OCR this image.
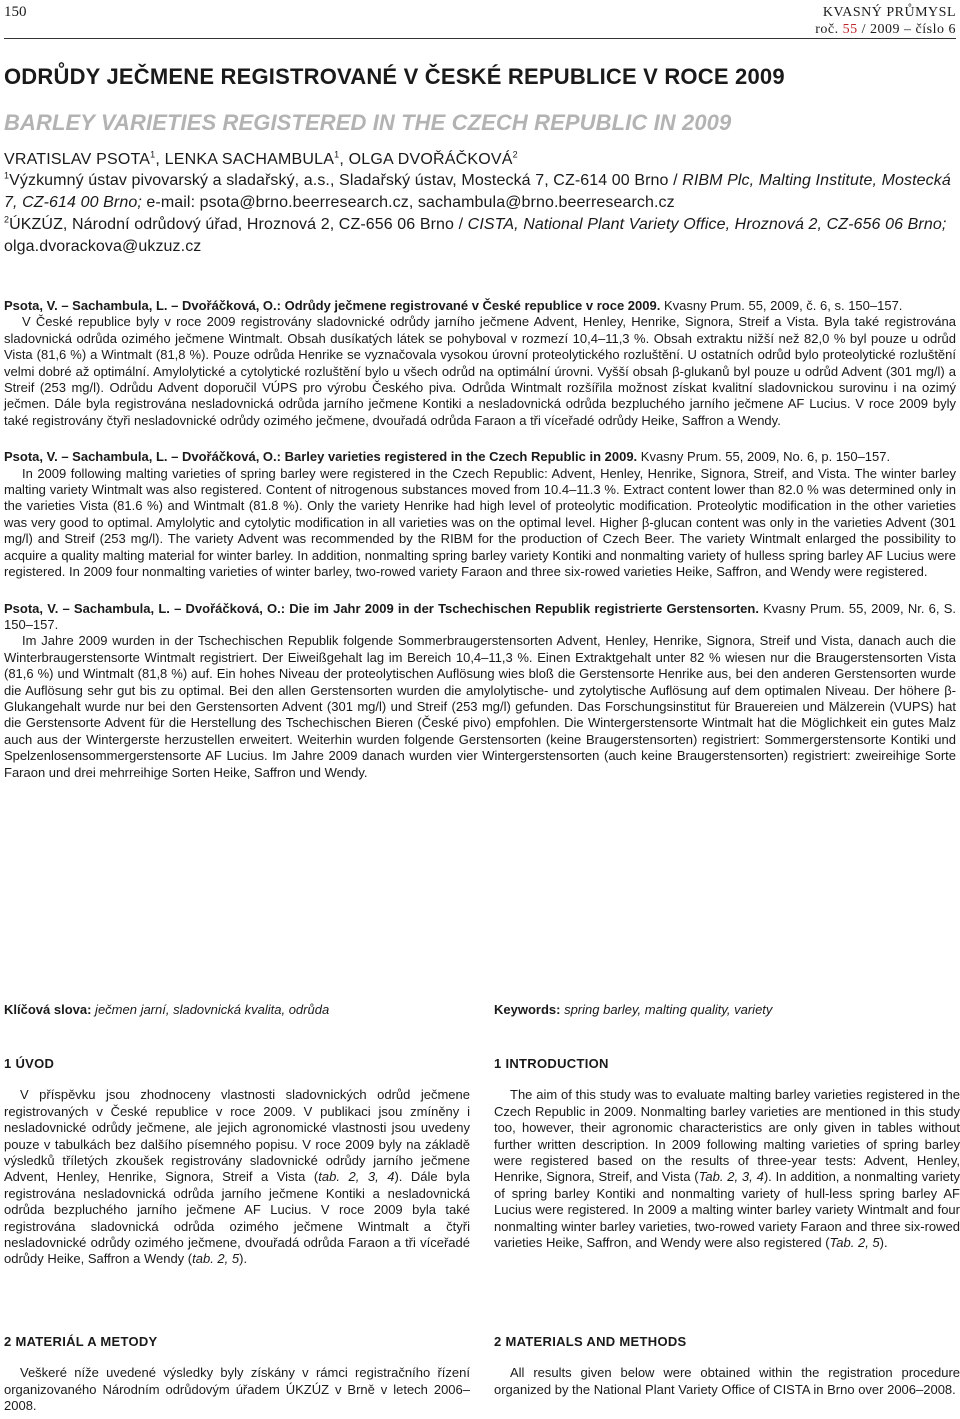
150	KVASNÝ PRŮMYSL
roč. 55 / 2009 – číslo 6
ODRŮDY JEČMENE REGISTROVANÉ V ČESKÉ REPUBLICE V ROCE 2009
BARLEY VARIETIES REGISTERED IN THE CZECH REPUBLIC IN 2009
VRATISLAV PSOTA$^1$, LENKA SACHAMBULA$^1$, OLGA DVOŘÁČKOVÁ$^2$
$^1$Výzkumný ústav pivovarský a sladařský, a.s., Sladařský ústav, Mostecká 7, CZ-614 00 Brno / RIBM Plc, Malting Institute, Mostecká 7, CZ-614 00 Brno; e-mail: psota@brno.beerresearch.cz, sachambula@brno.beerresearch.cz
$^2$ÚKZÚZ, Národní odrůdový úřad, Hroznová 2, CZ-656 06 Brno / CISTA, National Plant Variety Office, Hroznová 2, CZ-656 06 Brno; olga.dvorackova@ukzuz.cz

Psota, V. – Sachambula, L. – Dvořáčková, O.: Odrůdy ječmene registrované v České republice v roce 2009. Kvasny Prum. 55, 2009, č. 6, s. 150–157.

V České republice byly v roce 2009 registrovány sladovnické odrůdy jarního ječmene Advent, Henley, Henrike, Signora, Streif a Vista. Byla také registrována sladovnická odrůda ozimého ječmene Wintmalt. Obsah dusíkatých látek se pohyboval v rozmezí 10,4–11,3 %. Obsah extraktu nižší než 82,0 % byl pouze u odrůd Vista (81,6 %) a Wintmalt (81,8 %). Pouze odrůda Henrike se vyznačovala vysokou úrovní proteolytického rozluštění. U ostatních odrůd bylo proteolytické rozluštění velmi dobré až optimální. Amylolytické a cytolytické rozluštění bylo u všech odrůd na optimální úrovni. Vyšší obsah β-glukanů byl pouze u odrůd Advent (301 mg/l) a Streif (253 mg/l). Odrůdu Advent doporučil VÚPS pro výrobu Českého piva. Odrůda Wintmalt rozšířila možnost získat kvalitní sladovnickou surovinu i na ozimý ječmen. Dále byla registrována nesladovnická odrůda jarního ječmene Kontiki a nesladovnická odrůda bezpluchého jarního ječmene AF Lucius. V roce 2009 byly také registrovány čtyři nesladovnické odrůdy ozimého ječmene, dvouřadá odrůda Faraon a tři víceřadé odrůdy Heike, Saffron a Wendy.

Psota, V. – Sachambula, L. – Dvořáčková, O.: Barley varieties registered in the Czech Republic in 2009. Kvasny Prum. 55, 2009, No. 6, p. 150–157.

In 2009 following malting varieties of spring barley were registered in the Czech Republic: Advent, Henley, Henrike, Signora, Streif, and Vista. The winter barley malting variety Wintmalt was also registered. Content of nitrogenous substances moved from 10.4–11.3 %. Extract content lower than 82.0 % was determined only in the varieties Vista (81.6 %) and Wintmalt (81.8 %). Only the variety Henrike had high level of proteolytic modification. Proteolytic modification in the other varieties was very good to optimal. Amylolytic and cytolytic modification in all varieties was on the optimal level. Higher β-glucan content was only in the varieties Advent (301 mg/l) and Streif (253 mg/l). The variety Advent was recommended by the RIBM for the production of Czech Beer. The variety Wintmalt enlarged the possibility to acquire a quality malting material for winter barley. In addition, nonmalting spring barley variety Kontiki and nonmalting variety of hulless spring barley AF Lucius were registered. In 2009 four nonmalting varieties of winter barley, two-rowed variety Faraon and three six-rowed varieties Heike, Saffron, and Wendy were registered.

Psota, V. – Sachambula, L. – Dvořáčková, O.: Die im Jahr 2009 in der Tschechischen Republik registrierte Gerstensorten. Kvasny Prum. 55, 2009, Nr. 6, S. 150–157.

Im Jahre 2009 wurden in der Tschechischen Republik folgende Sommerbraugerstensorten Advent, Henley, Henrike, Signora, Streif und Vista, danach auch die Winterbraugerstensorte Wintmalt registriert. Der Eiweißgehalt lag im Bereich 10,4–11,3 %. Einen Extraktgehalt unter 82 % wiesen nur die Braugerstensorten Vista (81,6 %) und Wintmalt (81,8 %) auf. Ein hohes Niveau der proteolytischen Auflösung wies bloß die Gerstensorte Henrike aus, bei den anderen Gerstensorten wurde die Auflösung sehr gut bis zu optimal. Bei den allen Gerstensorten wurden die amylolytische- und zytolytische Auflösung auf dem optimalen Niveau. Der höhere β-Glukangehalt wurde nur bei den Gerstensorten Advent (301 mg/l) und Streif (253 mg/l) gefunden. Das Forschungsinstitut für Brauereien und Mälzerein (VUPS) hat die Gerstensorte Advent für die Herstellung des Tschechischen Bieren (České pivo) empfohlen. Die Wintergerstensorte Wintmalt hat die Möglichkeit ein gutes Malz auch aus der Wintergerste herzustellen erweitert. Weiterhin wurden folgende Gerstensorten (keine Braugerstensorten) registriert: Sommergerstensorte Kontiki und Spelzenlosensommergerstensorte AF Lucius. Im Jahre 2009 danach wurden vier Wintergerstensorten (auch keine Braugerstensorten) registriert: zweireihige Sorte Faraon und drei mehrreihige Sorten Heike, Saffron und Wendy.

Klíčová slova: ječmen jarní, sladovnická kvalita, odrůda	Keywords: spring barley, malting quality, variety
1 ÚVOD

V příspěvku jsou zhodnoceny vlastnosti sladovnických odrůd ječmene registrovaných v České republice v roce 2009. V publikaci jsou zmíněny i nesladovnické odrůdy ječmene, ale jejich agronomické vlastnosti jsou uvedeny pouze v tabulkách bez dalšího písemného popisu. V roce 2009 byly na základě výsledků tříletých zkoušek registrovány sladovnické odrůdy jarního ječmene Advent, Henley, Henrike, Signora, Streif a Vista (tab. 2, 3, 4). Dále byla registrována nesladovnická odrůda jarního ječmene Kontiki a nesladovnická odrůda bezpluchého jarního ječmene AF Lucius. V roce 2009 byla také registrována sladovnická odrůda ozimého ječmene Wintmalt a čtyři nesladovnické odrůdy ozimého ječmene, dvouřadá odrůda Faraon a tři víceřadé odrůdy Heike, Saffron a Wendy (tab. 2, 5).

1 INTRODUCTION

The aim of this study was to evaluate malting barley varieties registered in the Czech Republic in 2009. Nonmalting barley varieties are mentioned in this study too, however, their agronomic characteristics are only given in tables without further written description. In 2009 following malting varieties of spring barley were registered based on the results of three-year tests: Advent, Henley, Henrike, Signora, Streif, and Vista (Tab. 2, 3, 4). In addition, a nonmalting variety of spring barley Kontiki and nonmalting variety of hull-less spring barley AF Lucius were registered. In 2009 a malting winter barley variety Wintmalt and four nonmalting winter barley varieties, two-rowed variety Faraon and three six-rowed varieties Heike, Saffron, and Wendy were also registered (Tab. 2, 5).

2 MATERIÁL A METODY

Veškeré níže uvedené výsledky byly získány v rámci registračního řízení organizovaného Národním odrůdovým úřadem ÚKZÚZ v Brně v letech 2006–2008.

2 MATERIALS AND METHODS

All results given below were obtained within the registration procedure organized by the National Plant Variety Office of CISTA in Brno over 2006–2008.
